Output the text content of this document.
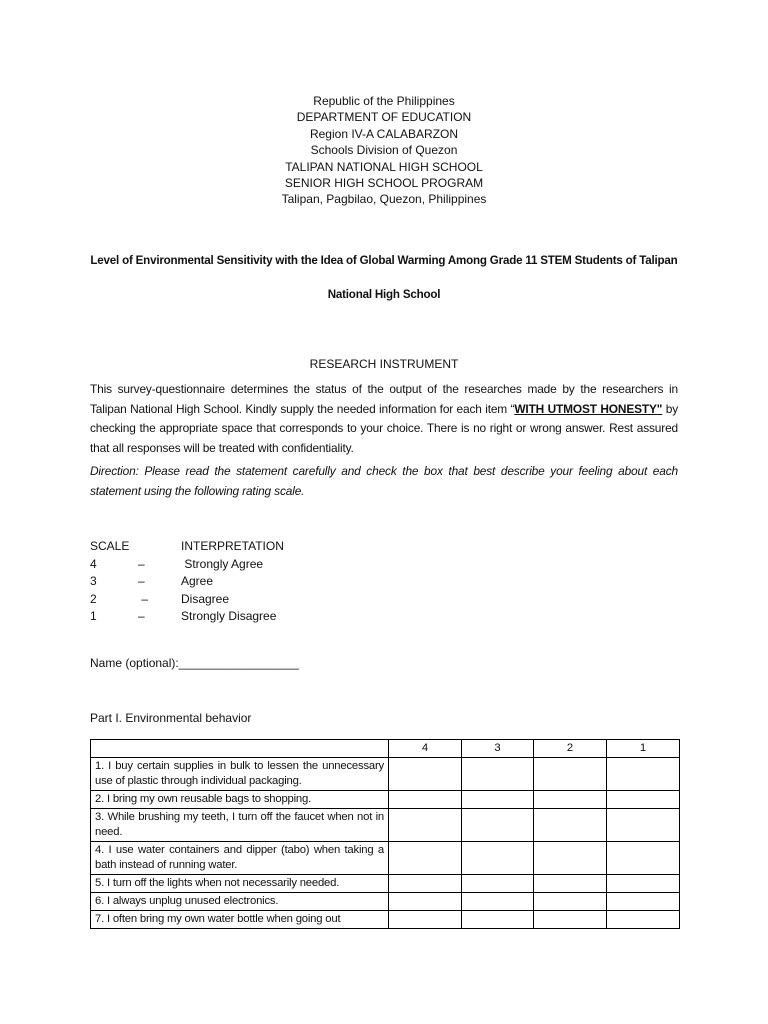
Republic of the Philippines
DEPARTMENT OF EDUCATION
Region IV-A CALABARZON
Schools Division of Quezon
TALIPAN NATIONAL HIGH SCHOOL
SENIOR HIGH SCHOOL PROGRAM
Talipan, Pagbilao, Quezon, Philippines
Level of Environmental Sensitivity with the Idea of Global Warming Among Grade 11 STEM Students of Talipan
National High School
RESEARCH INSTRUMENT
This survey-questionnaire determines the status of the output of the researches made by the researchers in Talipan National High School. Kindly supply the needed information for each item “WITH UTMOST HONESTY" by checking the appropriate space that corresponds to your choice. There is no right or wrong answer. Rest assured that all responses will be treated with confidentiality.
Direction: Please read the statement carefully and check the box that best describe your feeling about each statement using the following rating scale.
SCALE	INTERPRETATION
4	–	Strongly Agree
3	–	Agree
2	–	Disagree
1	–	Strongly Disagree
Name (optional):__________________
Part I. Environmental behavior
	4	3	2	1
1. I buy certain supplies in bulk to lessen the unnecessary use of plastic through individual packaging.				
2. I bring my own reusable bags to shopping.				
3. While brushing my teeth, I turn off the faucet when not in need.				
4. I use water containers and dipper (tabo) when taking a bath instead of running water.				
5. I turn off the lights when not necessarily needed.				
6. I always unplug unused electronics.				
7. I often bring my own water bottle when going out				
